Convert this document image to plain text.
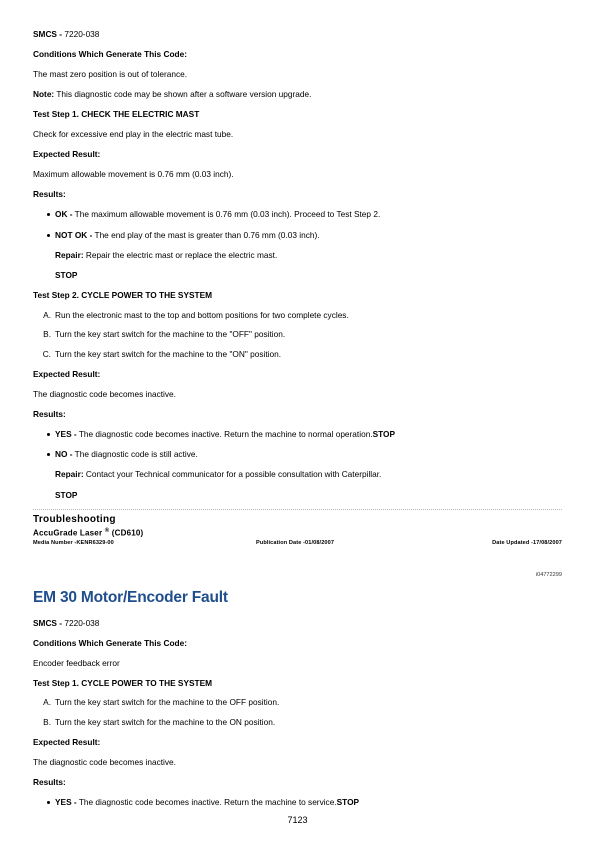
SMCS - 7220-038
Conditions Which Generate This Code:
The mast zero position is out of tolerance.
Note: This diagnostic code may be shown after a software version upgrade.
Test Step 1. CHECK THE ELECTRIC MAST
Check for excessive end play in the electric mast tube.
Expected Result:
Maximum allowable movement is 0.76 mm (0.03 inch).
Results:
OK - The maximum allowable movement is 0.76 mm (0.03 inch). Proceed to Test Step 2.
NOT OK - The end play of the mast is greater than 0.76 mm (0.03 inch).
Repair: Repair the electric mast or replace the electric mast.
STOP
Test Step 2. CYCLE POWER TO THE SYSTEM
A. Run the electronic mast to the top and bottom positions for two complete cycles.
B. Turn the key start switch for the machine to the "OFF" position.
C. Turn the key start switch for the machine to the "ON" position.
Expected Result:
The diagnostic code becomes inactive.
Results:
YES - The diagnostic code becomes inactive. Return the machine to normal operation.STOP
NO - The diagnostic code is still active.
Repair: Contact your Technical communicator for a possible consultation with Caterpillar.
STOP
Troubleshooting
AccuGrade Laser ® (CD610)
Media Number -KENR6329-00	Publication Date -01/08/2007	Date Updated -17/08/2007
i04772299
EM 30 Motor/Encoder Fault
SMCS - 7220-038
Conditions Which Generate This Code:
Encoder feedback error
Test Step 1. CYCLE POWER TO THE SYSTEM
A. Turn the key start switch for the machine to the OFF position.
B. Turn the key start switch for the machine to the ON position.
Expected Result:
The diagnostic code becomes inactive.
Results:
YES - The diagnostic code becomes inactive. Return the machine to service.STOP
7123
